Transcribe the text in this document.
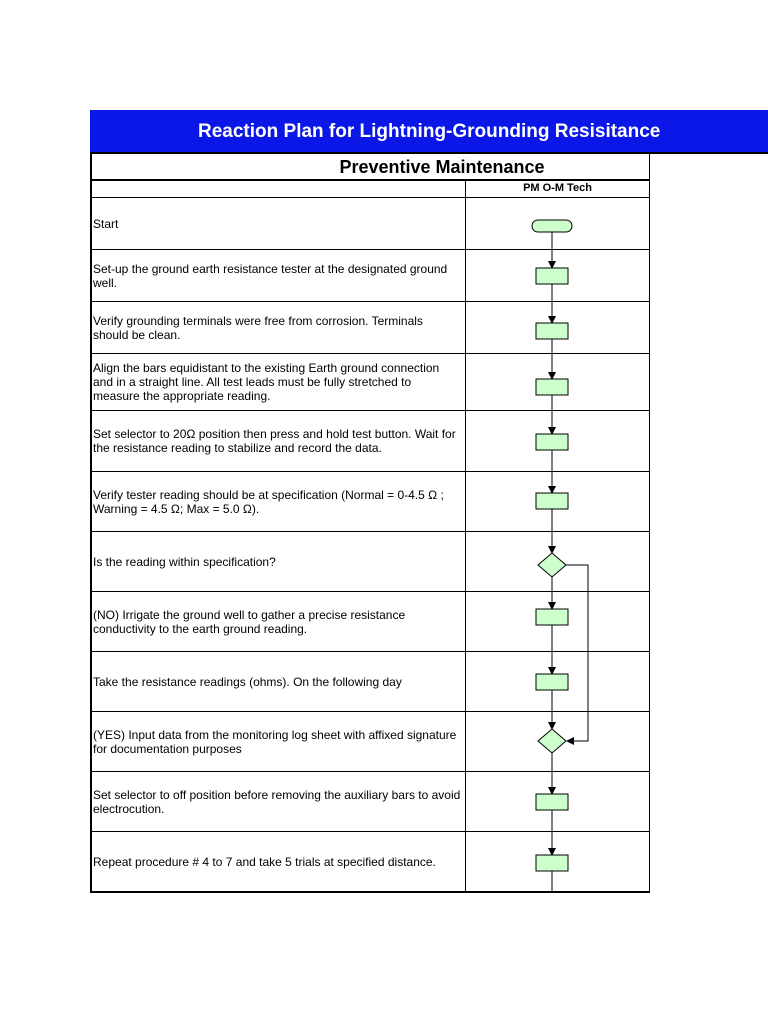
Reaction Plan for Lightning-Grounding Resisitance
Preventive Maintenance
PM O-M Tech
Start
Set-up the ground earth resistance tester at the designated ground well.
Verify grounding terminals were free from corrosion. Terminals should be clean.
Align the bars equidistant to the existing Earth ground connection and in a straight line. All test leads must be fully stretched to measure the appropriate reading.
Set selector to 20Ω position then press and hold test button. Wait for the resistance reading to stabilize and record the data.
Verify tester reading should be at specification (Normal = 0-4.5 Ω ; Warning = 4.5 Ω; Max = 5.0 Ω).
Is the reading within specification?
(NO) Irrigate the ground well to gather a precise resistance conductivity to the earth ground reading.
Take the resistance readings (ohms). On the following day
(YES) Input data from the monitoring log sheet with affixed signature for documentation purposes
Set selector to off position before removing the auxiliary bars to avoid electrocution.
Repeat procedure # 4 to 7 and take 5 trials at specified distance.
